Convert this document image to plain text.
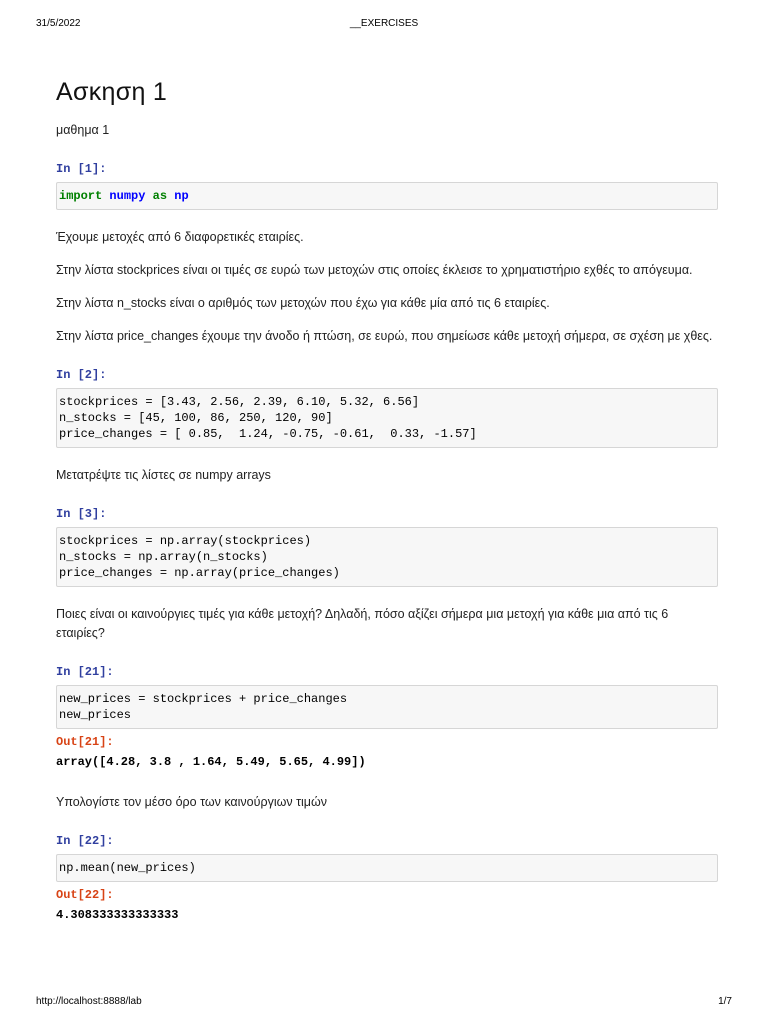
31/5/2022	__EXERCISES
Ασκηση 1

μαθημα 1

In [1]:
import numpy as np

Έχουμε μετοχές από 6 διαφορετικές εταιρίες.

Στην λίστα stockprices είναι οι τιμές σε ευρώ των μετοχών στις οποίες έκλεισε το χρηματιστήριο εχθές το απόγευμα.

Στην λίστα n_stocks είναι ο αριθμός των μετοχών που έχω για κάθε μία από τις 6 εταιρίες.

Στην λίστα price_changes έχουμε την άνοδο ή πτώση, σε ευρώ, που σημείωσε κάθε μετοχή σήμερα, σε σχέση με χθες.

In [2]:
stockprices = [3.43, 2.56, 2.39, 6.10, 5.32, 6.56]
n_stocks = [45, 100, 86, 250, 120, 90]
price_changes = [ 0.85,  1.24, -0.75, -0.61,  0.33, -1.57]

Μετατρέψτε τις λίστες σε numpy arrays

In [3]:
stockprices = np.array(stockprices)
n_stocks = np.array(n_stocks)
price_changes = np.array(price_changes)

Ποιες είναι οι καινούργιες τιμές για κάθε μετοχή? Δηλαδή, πόσο αξίζει σήμερα μια μετοχή για κάθε μια από τις 6 εταιρίες?

In [21]:
new_prices = stockprices + price_changes
new_prices
Out[21]:
array([4.28, 3.8 , 1.64, 5.49, 5.65, 4.99])

Υπολογίστε τον μέσο όρο των καινούργιων τιμών

In [22]:
np.mean(new_prices)
Out[22]:
4.308333333333333
http://localhost:8888/lab	1/7
